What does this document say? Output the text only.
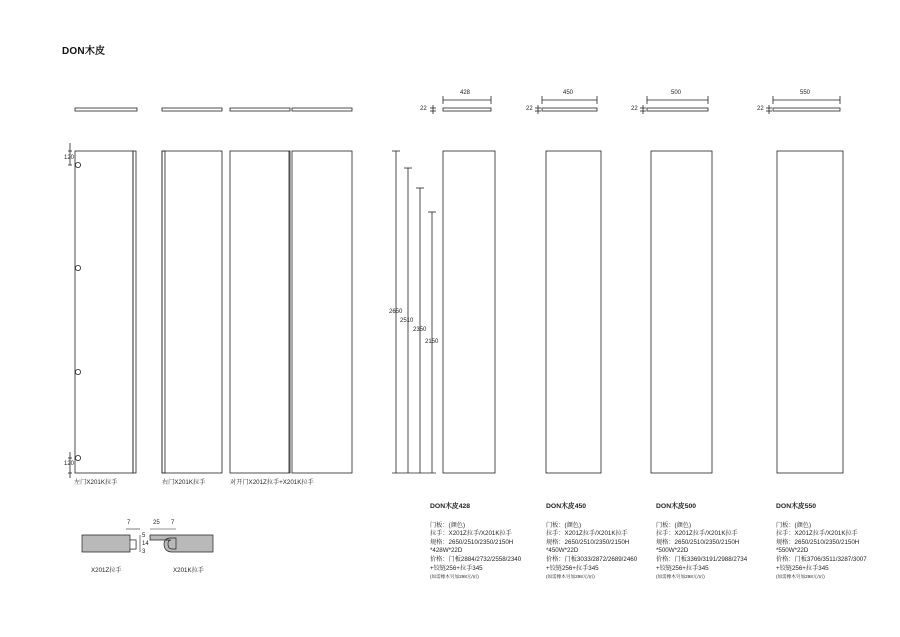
DON木皮
120
120
左门X201K拉手	右门X201K拉手	对开门X201Z拉手+X201K拉手
2650
2510
2350
2150
428
22
450
22
500
22
550
22
7
5
14
3
25 7
X201Z拉手	X201K拉手
DON木皮428
门板：(颜色)
拉手：X201Z拉手/X201K拉手
规格：2650/2510/2350/2150H
*428W*22D
价格：门板2884/2732/2558/2340
+铰链256+拉手345
(如需橡木另加298元/㎡)
DON木皮450
门板：(颜色)
拉手：X201Z拉手/X201K拉手
规格：2650/2510/2350/2150H
*450W*22D
价格：门板3033/2872/2689/2460
+铰链256+拉手345
(如需橡木另加298元/㎡)
DON木皮500
门板：(颜色)
拉手：X201Z拉手/X201K拉手
规格：2650/2510/2350/2150H
*500W*22D
价格：门板3369/3191/2988/2734
+铰链256+拉手345
(如需橡木另加298元/㎡)
DON木皮550
门板：(颜色)
拉手：X201Z拉手/X201K拉手
规格：2650/2510/2350/2150H
*550W*22D
价格：门板3706/3511/3287/3007
+铰链256+拉手345
(如需橡木另加298元/㎡)
